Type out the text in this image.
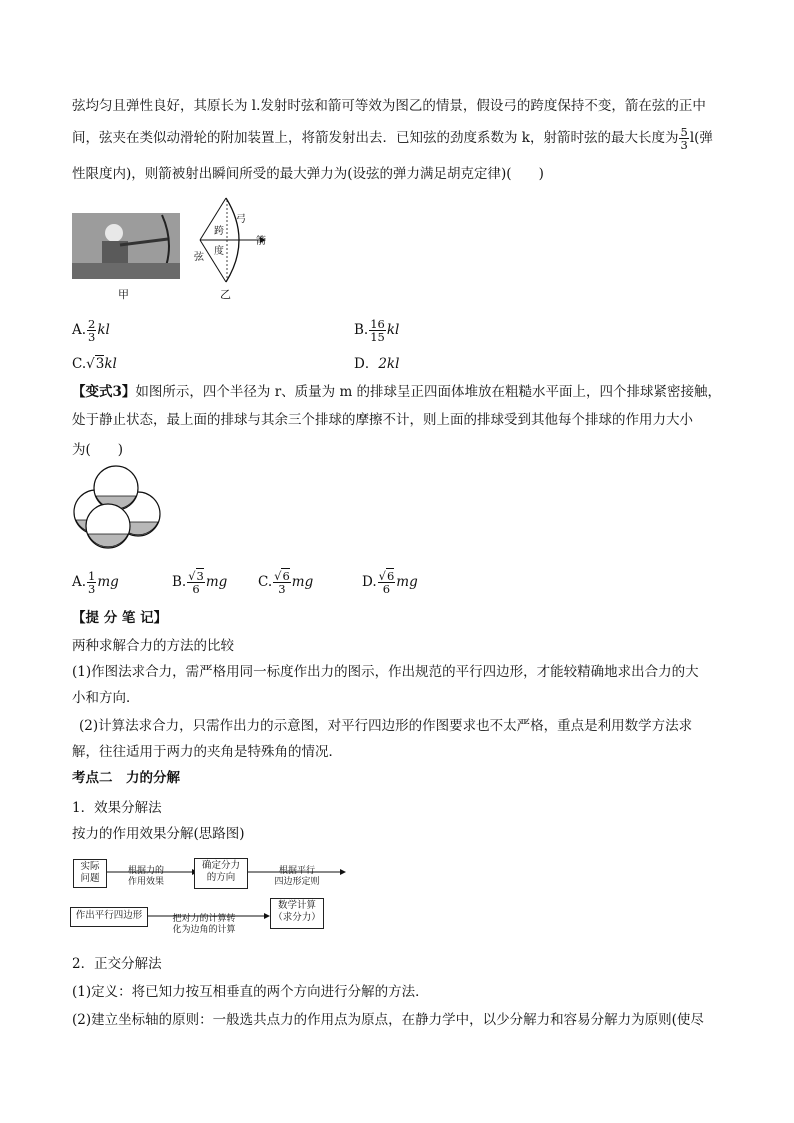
弦均匀且弹性良好，其原长为 l.发射时弦和箭可等效为图乙的情景，假设弓的跨度保持不变，箭在弦的正中
间，弦夹在类似动滑轮的附加装置上，将箭发射出去．已知弦的劲度系数为 k，射箭时弦的最大长度为 $\frac{5}{3} l$(弹
性限度内)，则箭被射出瞬间所受的最大弹力为(设弦的弹力满足胡克定律)(　　)
甲
弓
箭
跨
度
弦
乙
A. $\frac{2}{3}$ kl	B. $\frac{16}{15}$ kl
C.√3kl	D．2kl
【变式3】如图所示，四个半径为 r、质量为 m 的排球呈正四面体堆放在粗糙水平面上，四个排球紧密接触，
处于静止状态，最上面的排球与其余三个排球的摩擦不计，则上面的排球受到其他每个排球的作用力大小
为(　　)
A. $\frac{1}{3}$ mg	B. $\frac{√3}{6}$ mg C. $\frac{√6}{3}$ mg	D. $\frac{√6}{6}$ mg
【提 分 笔 记】
两种求解合力的方法的比较
(1)作图法求合力，需严格用同一标度作出力的图示，作出规范的平行四边形，才能较精确地求出合力的大
小和方向．
(2)计算法求合力，只需作出力的示意图，对平行四边形的作图要求也不太严格，重点是利用数学方法求
解，往往适用于两力的夹角是特殊角的情况．
考点二　力的分解
1．效果分解法
按力的作用效果分解(思路图)
实际
问题
根据力的
作用效果
确定分力
的方向
根据平行
四边形定则
作出平行四边形	把对力的计算转
化为边角的计算
数学计算
（求分力）
2．正交分解法
(1)定义：将已知力按互相垂直的两个方向进行分解的方法．
(2)建立坐标轴的原则：一般选共点力的作用点为原点，在静力学中，以少分解力和容易分解力为原则(使尽
